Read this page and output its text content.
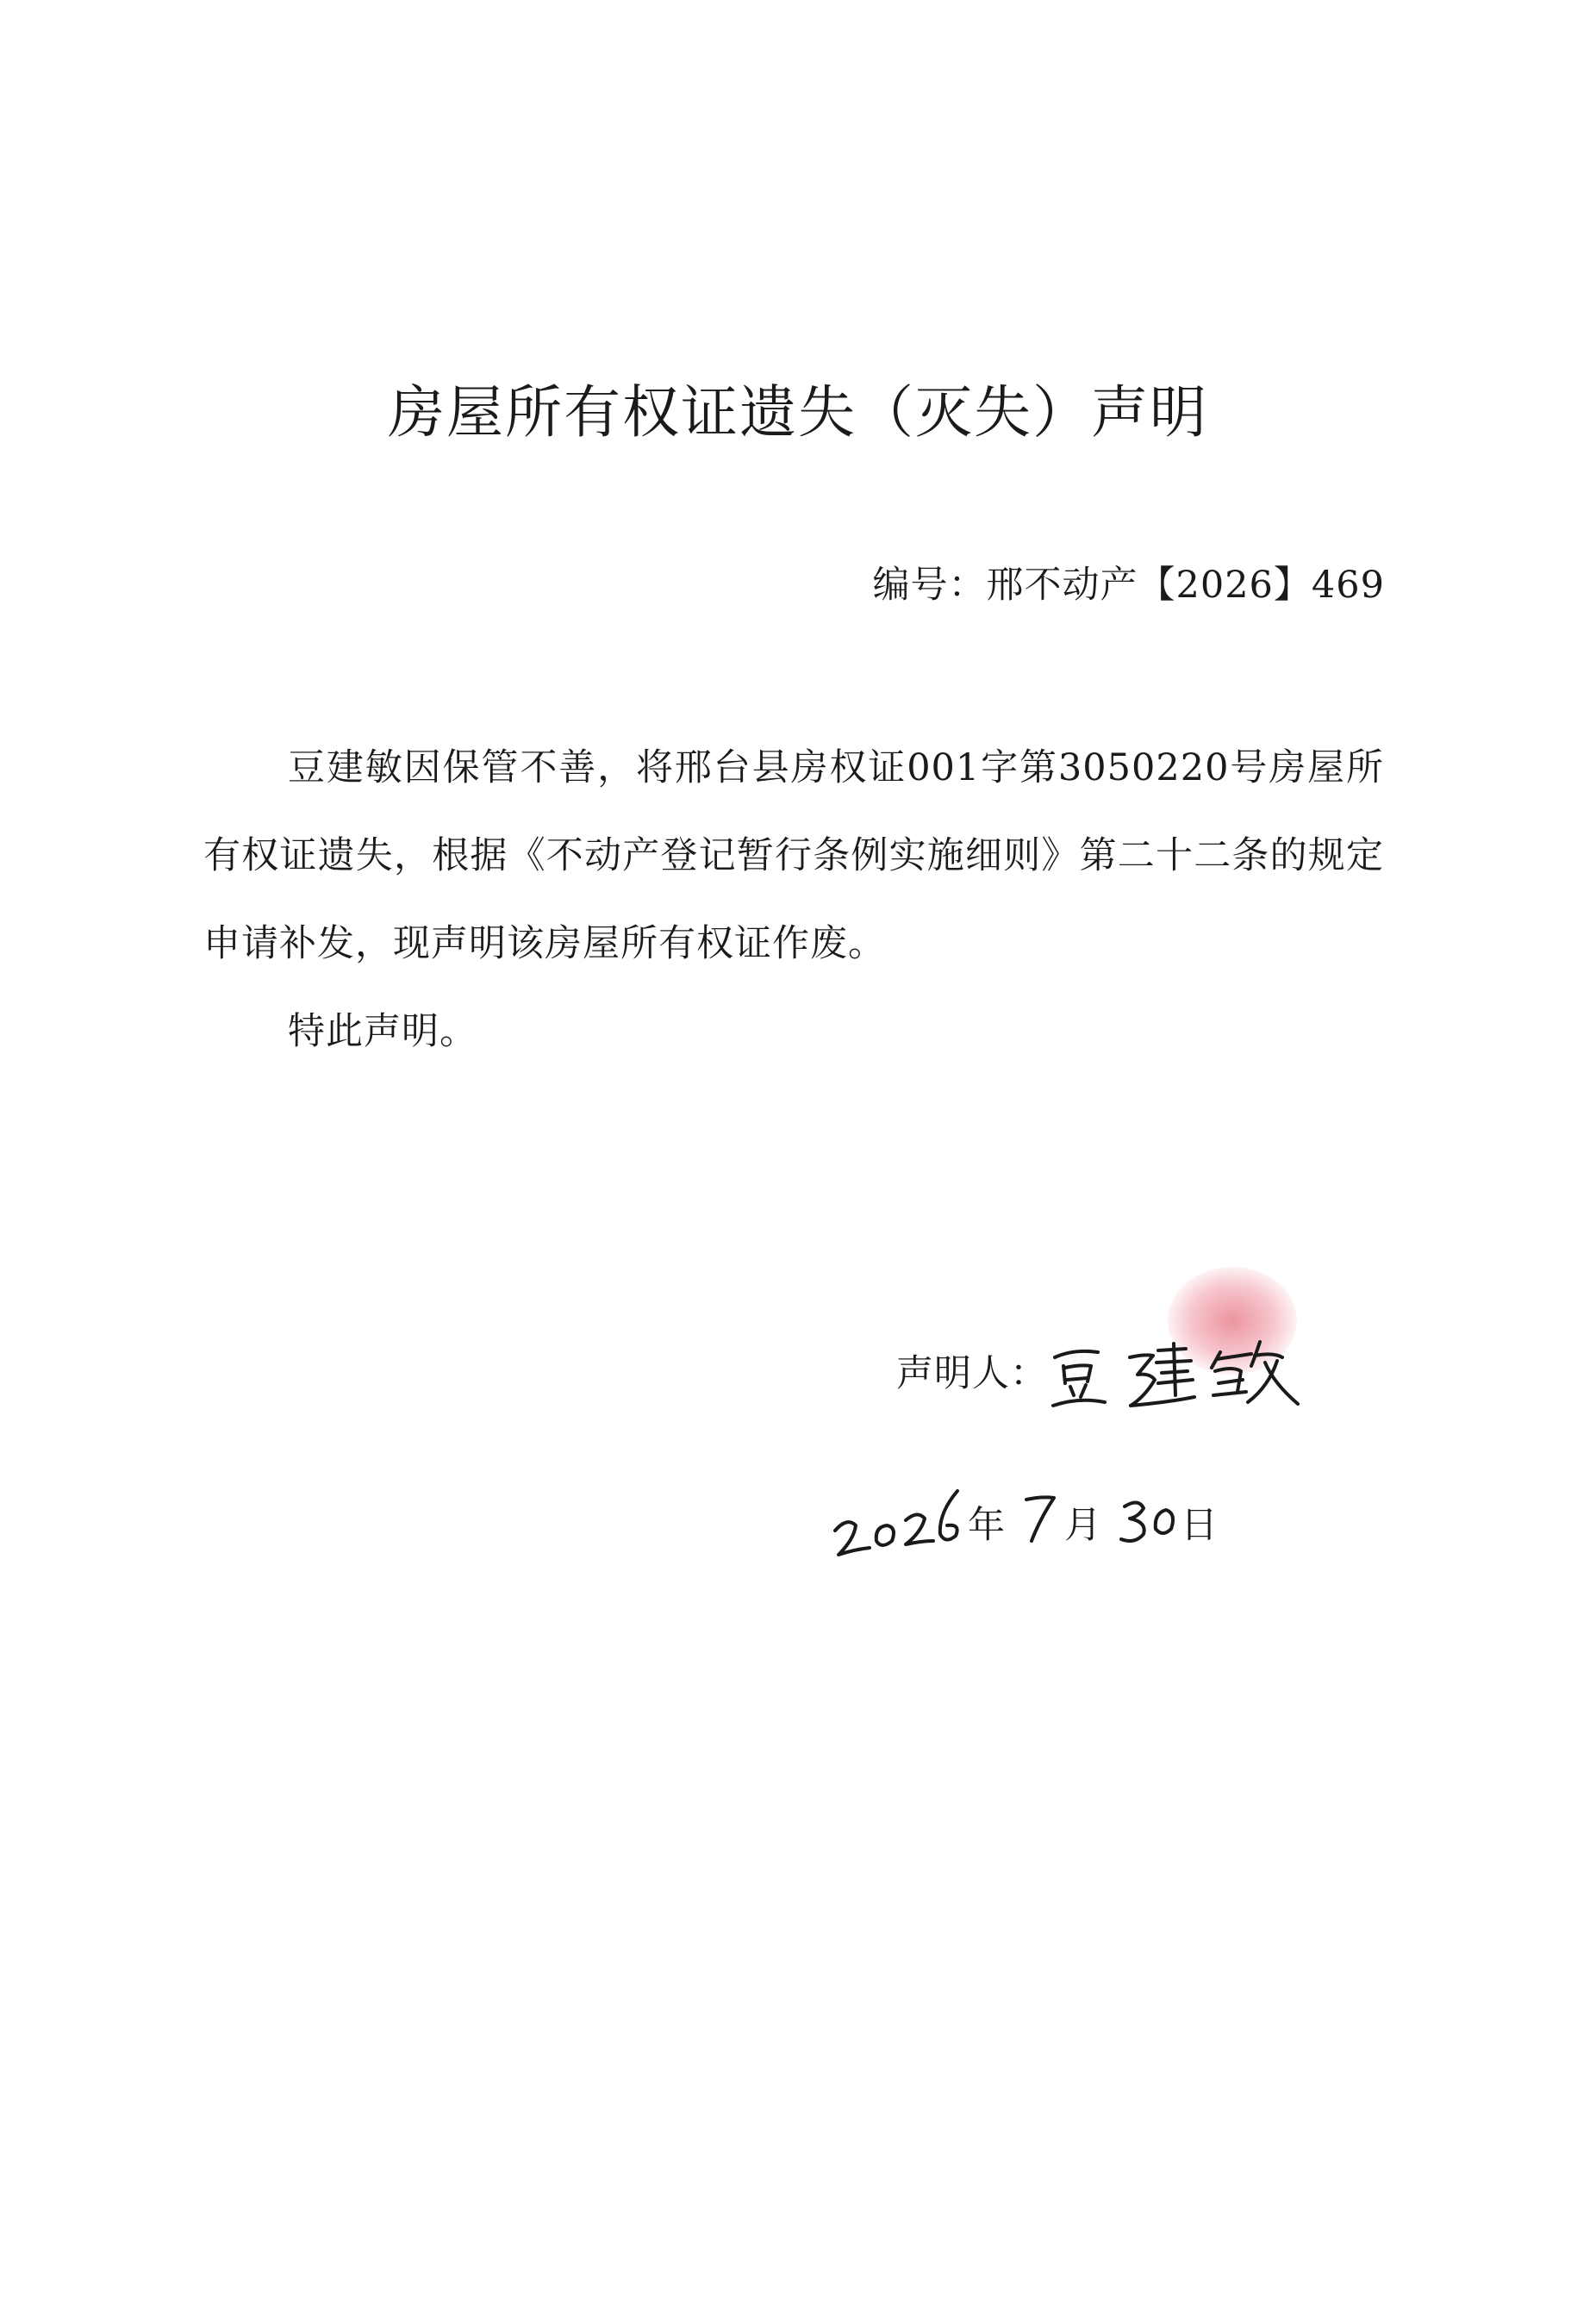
房屋所有权证遗失（灭失）声明
编号：邢不动产【2026】469

豆建敏因保管不善，将邢台县房权证001字第3050220号房屋所有权证遗失，根据《不动产登记暂行条例实施细则》第二十二条的规定申请补发，现声明该房屋所有权证作废。

特此声明。

声明人：
年 月 日
